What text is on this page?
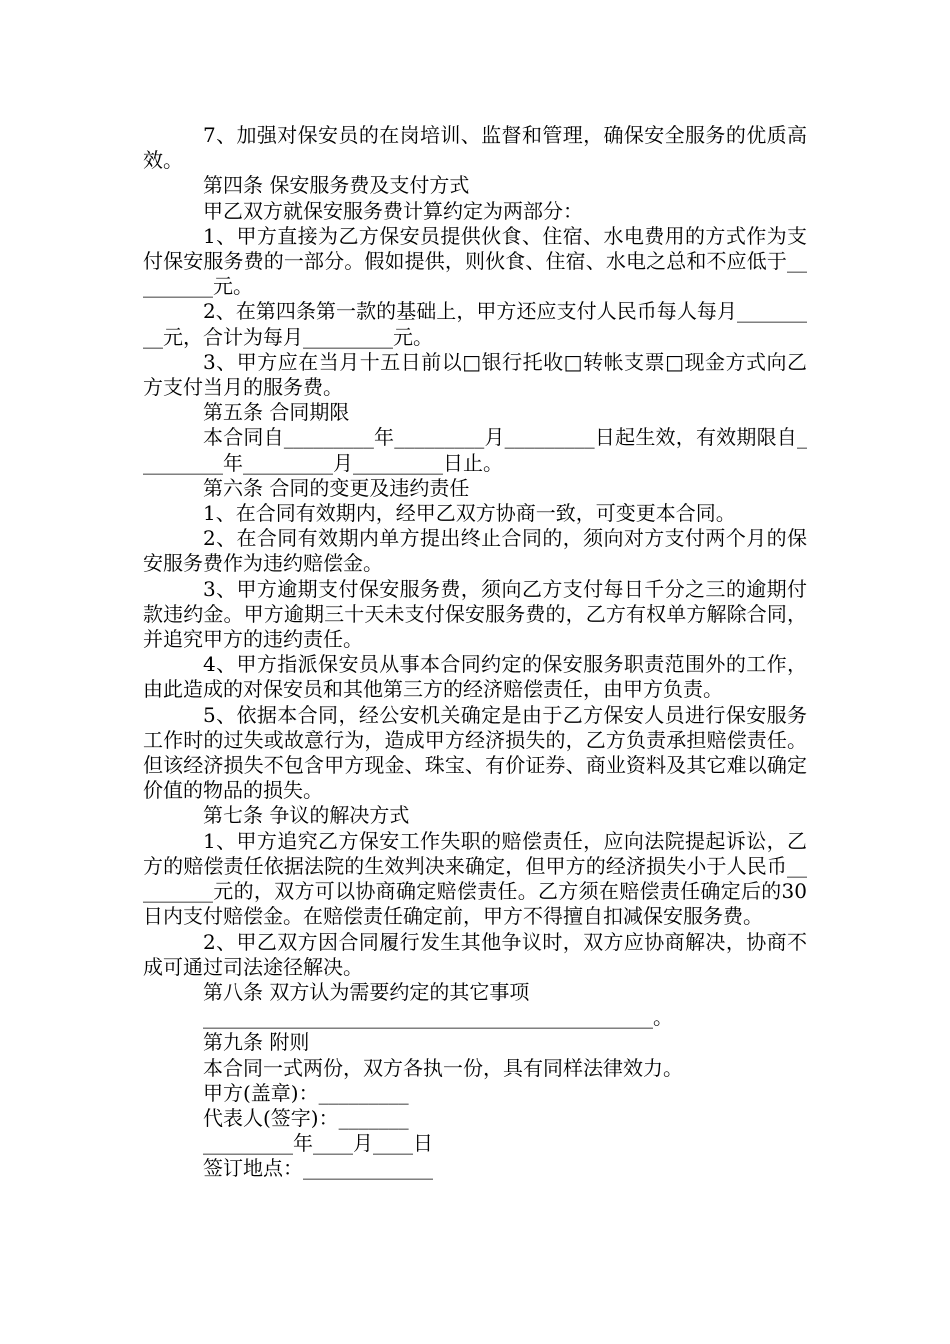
7、加强对保安员的在岗培训、监督和管理，确保安全服务的优质高效。

第四条 保安服务费及支付方式

甲乙双方就保安服务费计算约定为两部分：

1、甲方直接为乙方保安员提供伙食、住宿、水电费用的方式作为支付保安服务费的一部分。假如提供，则伙食、住宿、水电之总和不应低于_________元。

2、在第四条第一款的基础上，甲方还应支付人民币每人每月_________元，合计为每月_________元。

3、甲方应在当月十五日前以□银行托收□转帐支票□现金方式向乙方支付当月的服务费。

第五条 合同期限

本合同自_________年_________月_________日起生效，有效期限自_________年_________月_________日止。

第六条 合同的变更及违约责任

1、在合同有效期内，经甲乙双方协商一致，可变更本合同。

2、在合同有效期内单方提出终止合同的，须向对方支付两个月的保安服务费作为违约赔偿金。

3、甲方逾期支付保安服务费，须向乙方支付每日千分之三的逾期付款违约金。甲方逾期三十天未支付保安服务费的，乙方有权单方解除合同，并追究甲方的违约责任。

4、甲方指派保安员从事本合同约定的保安服务职责范围外的工作，由此造成的对保安员和其他第三方的经济赔偿责任，由甲方负责。

5、依据本合同，经公安机关确定是由于乙方保安人员进行保安服务工作时的过失或故意行为，造成甲方经济损失的，乙方负责承担赔偿责任。但该经济损失不包含甲方现金、珠宝、有价证券、商业资料及其它难以确定价值的物品的损失。

第七条 争议的解决方式

1、甲方追究乙方保安工作失职的赔偿责任，应向法院提起诉讼，乙方的赔偿责任依据法院的生效判决来确定，但甲方的经济损失小于人民币_________元的，双方可以协商确定赔偿责任。乙方须在赔偿责任确定后的30日内支付赔偿金。在赔偿责任确定前，甲方不得擅自扣减保安服务费。

2、甲乙双方因合同履行发生其他争议时，双方应协商解决，协商不成可通过司法途径解决。

第八条 双方认为需要约定的其它事项

_____________________________________________。

第九条 附则

本合同一式两份，双方各执一份，具有同样法律效力。

甲方(盖章)：_________

代表人(签字)：_______

_________年____月____日

签订地点：_____________
